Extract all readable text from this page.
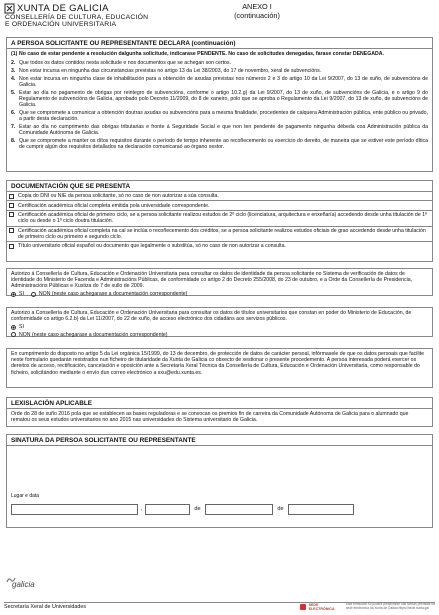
XUNTA DE GALICIA
CONSELLERÍA DE CULTURA, EDUCACIÓN
E ORDENACIÓN UNIVERSITARIA
ANEXO I
(continuación)
A PERSOA SOLICITANTE OU REPRESENTANTE DECLARA (continuación)
(1) No caso de estar pendente a resolución dalgunha solicitude, indicarase PENDENTE. No caso de solicitudes denegadas, farase constar DENEGADA.
2. Que todos os datos contidos nesta solicitude e nos documentos que se achegan son certos.
3. Non estar incursa en ningunha das circunstancias previstas no artigo 13 da Lei 38/2003, do 17 de novembro, xeral de subvencións.
4. Non estar incursa en ningunha clase de inhabilitación para a obtención de axudas previstas nos números 2 e 3 do artigo 10 da Lei 9/2007, do 13 de xuño, de subvencións de Galicia.
5. Estar ao día no pagamento de obrigas por reintegro de subvencións, conforme o artigo 10.2.g) da Lei 9/2007, do 13 de xuño, de subvencións de Galicia, e o artigo 9 do Regulamento de subvencións de Galicia, aprobado polo Decreto 11/2009, do 8 de xaneiro, polo que se aproba o Regulamento da Lei 9/2007, do 13 de xuño, de subvencións de Galicia.
6. Que se compromete a comunicar a obtención doutras axudas ou subvencións para a mesma finalidade, procedentes de calquera Administración pública, ente público ou privado, a partir desta declaración.
7. Estar ao día no cumprimento das obrigas tributarias e fronte á Seguridade Social e que non ten pendente de pagamento ningunha débeda coa Administración pública da Comunidade Autónoma de Galicia.
8. Que se compromete a manter os dítos requisitos durante o período de tempo inherente ao recoñecemento ou exercicio do dereito, de maneira que se estiver este período dítica de cumprir algún dos requisitos detallados na declaración comunicaraó ao órgano xestor.
DOCUMENTACIÓN QUE SE PRESENTA
Copia do DNI ou NIE da persoa solicitante, só no caso de non autorizar a súa consulta.
Certificación académica oficial completa emitida pola universidade correspondente.
Certificación académica oficial de primeiro ciclo, se a persoa solicitante realizou estudos de 2º ciclo (licenciatura, arquitectura e enxeñaría) accedendo desde unha titulación de 1º ciclo ou desde o 1º ciclo doutra titulación.
Certificación académica oficial completa na cal se inclúa o recoñecemento dos créditos, se a persoa solicitante realizou estudos oficiais de grao accedendo desde unha titulación de primeiro ciclo ou primeiro e segundo ciclo.
Título universitario oficial español ou documento que legalmente o substitúa, só no caso de non autorizar a consulta.
Autorizo á Consellería de Cultura, Educación e Ordenación Universitaria para consultar os datos de identidade da persoa solicitante no Sistema de verificación de datos de identidade do Ministerio de Facenda e Administracións Públicas, de conformidade co artigo 2 do Decreto 255/2008, do 23 de outubro, e a Orde da Consellería de Presidencia, Administracións Públicas e Xustiza do 7 de xullo de 2009.
SI	NON (neste caso achegarase a documentación correspondente)
Autorizo a Consellería de Cultura, Educación e Ordenación Universitaria para consultar os datos de títulos universitarios que constan en poder do Ministerio de Educación, de conformidade co artigo 6.2.b) da Lei 11/2007, do 22 de xuño, de acceso electrónico dos cidadáns aos servizos públicos.
SI
NON (neste caso achegarase a documentación correspondente)
En cumprimento do disposto no artigo 5 da Lei orgánica 15/1999, do 13 de decembro, de protección de datos de carácter persoal, infórmasele de que os datos persoais que facilite neste formulario quedarán rexistrados nun ficheiro de titularidade da Xunta de Galicia co obxecto de xestionar o presente procedemento. A persoa interesada poderá exercer os dereitos de acceso, rectificación, cancelación e oposición ante a Secretaría Xeral Técnica da Consellería de Cultura, Educación e Ordenación Universitaria, como responsable do ficheiro, solicitándoo mediante o envío dun correo electrónico a sxu@edu.xunta.es.
LEXISLACIÓN APLICABLE
Orde do 28 de xuño 2016 pola que se establecen as bases reguladoras e se convocan os premios fin de carreira da Comunidade Autónoma de Galicia para o alumnado que rematou os seus estudos universitarios no ano 2015 nas universidades do Sistema universitario de Galicia.
SINATURA DA PERSOA SOLICITANTE OU REPRESENTANTE
Lugar e data
,	de	de
galicia
Secretaría Xeral de Universidades	SEDE ELECTRÓNICA
Este formulario só poderá presentarse nas formas previstas na sede electrónica da Xunta de Galicia https://sede.xunta.gal
